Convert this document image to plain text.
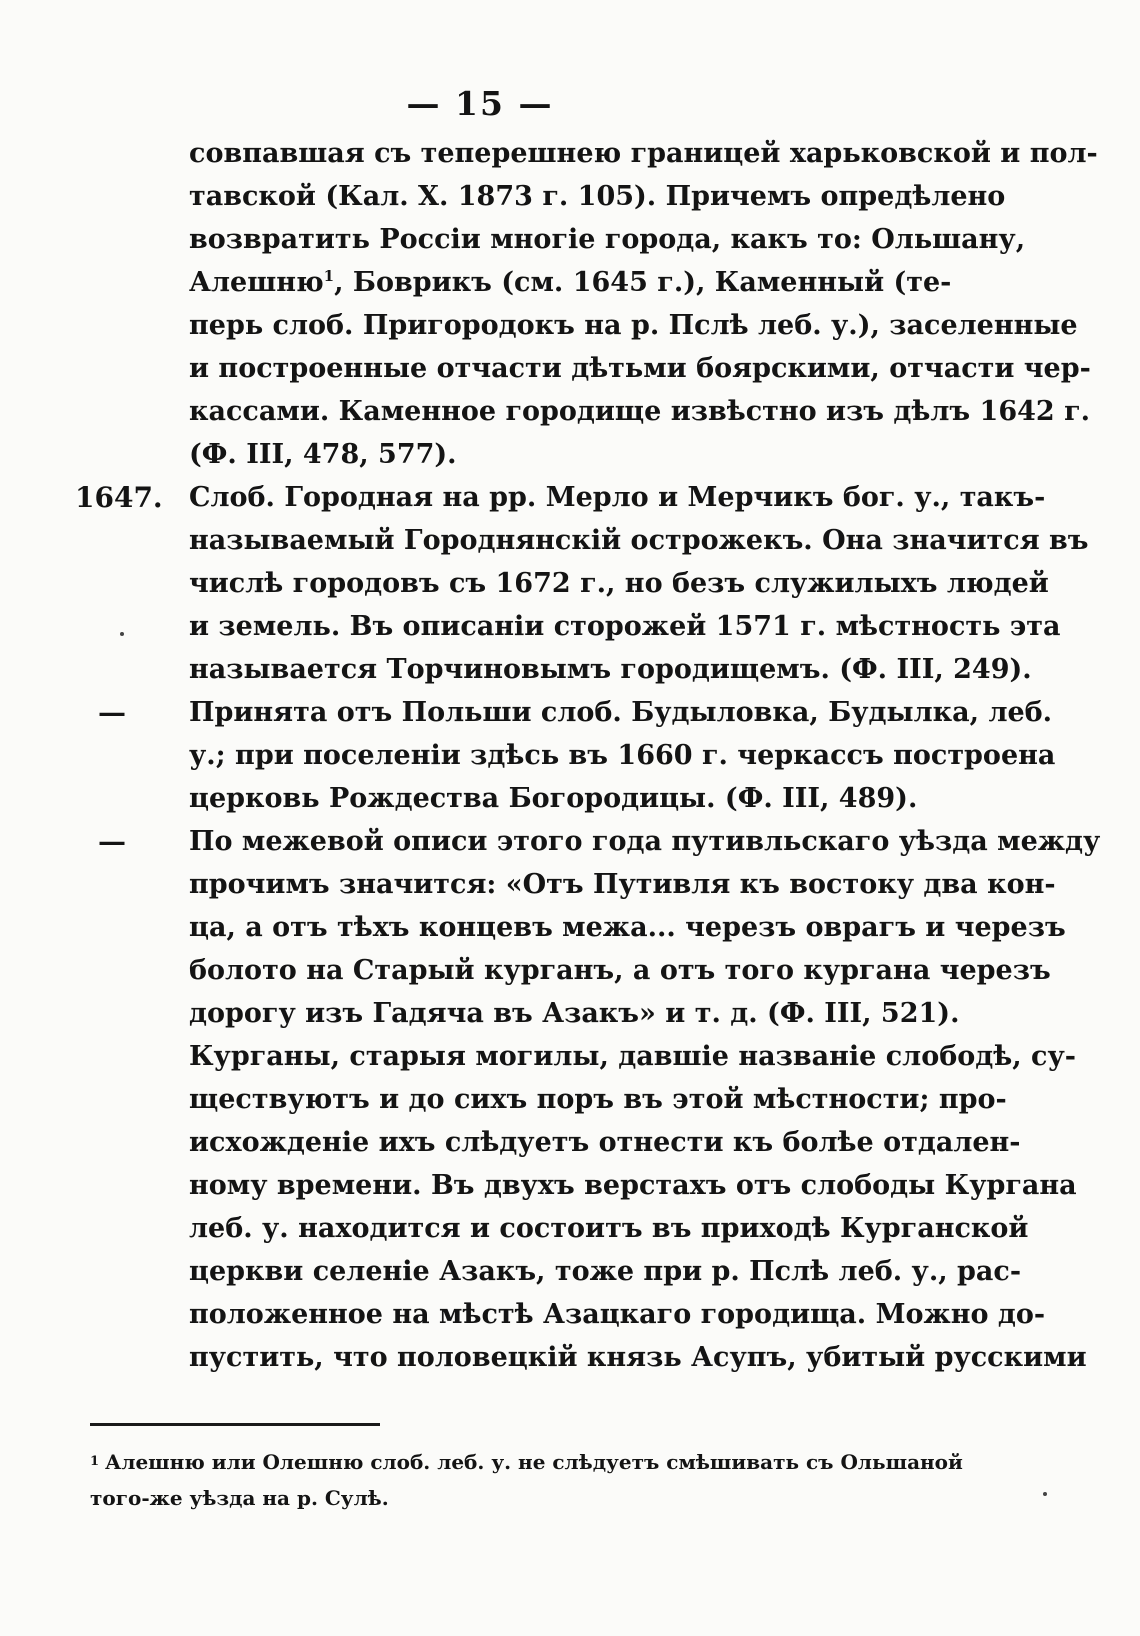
— 15 —
совпавшая съ теперешнею границей харьковской и пол-
тавской (Кал. X. 1873 г. 105). Причемъ опредѣлено
возвратить Россiи многiе города, какъ то: Ольшану,
Алешню$^1$, Боврикъ (см. 1645 г.), Каменный (те-
перь слоб. Пригородокъ на р. Пслѣ леб. у.), заселенные
и построенные отчасти дѣтьми боярскими, отчасти чер-
кассами. Каменное городище извѣстно изъ дѣлъ 1642 г.
(Ф. III, 478, 577).
1647. Слоб. Городная на рр. Мерло и Мерчикъ бог. у., такъ-
называемый Городнянскiй острожекъ. Она значится въ
числѣ городовъ съ 1672 г., но безъ служилыхъ людей
и земель. Въ описанiи сторожей 1571 г. мѣстность эта
называется Торчиновымъ городищемъ. (Ф. III, 249).
—	Принята отъ Польши слоб. Будыловка, Будылка, леб.
у.; при поселенiи здѣсь въ 1660 г. черкассъ построена
церковь Рождества Богородицы. (Ф. III, 489).
—	По межевой описи этого года путивльскаго уѣзда между
прочимъ значится: «Отъ Путивля къ востоку два кон-
ца, а отъ тѣхъ концевъ межа... черезъ оврагъ и черезъ
болото на Старый курганъ, а отъ того кургана черезъ
дорогу изъ Гадяча въ Азакъ» и т. д. (Ф. III, 521).
Курганы, старыя могилы, давшiе названiе слободѣ, су-
ществуютъ и до сихъ поръ въ этой мѣстности; про-
исхожденiе ихъ слѣдуетъ отнести къ болѣе отдален-
ному времени. Въ двухъ верстахъ отъ слободы Кургана
леб. у. находится и состоитъ въ приходѣ Курганской
церкви селенiе Азакъ, тоже при р. Пслѣ леб. у., рас-
положенное на мѣстѣ Азацкаго городища. Можно до-
пустить, что половецкiй князь Асупъ, убитый русскими
$^1$ Алешню или Олешню слоб. леб. у. не слѣдуетъ смѣшивать съ Ольшаной
того-же уѣзда на р. Сулѣ.
